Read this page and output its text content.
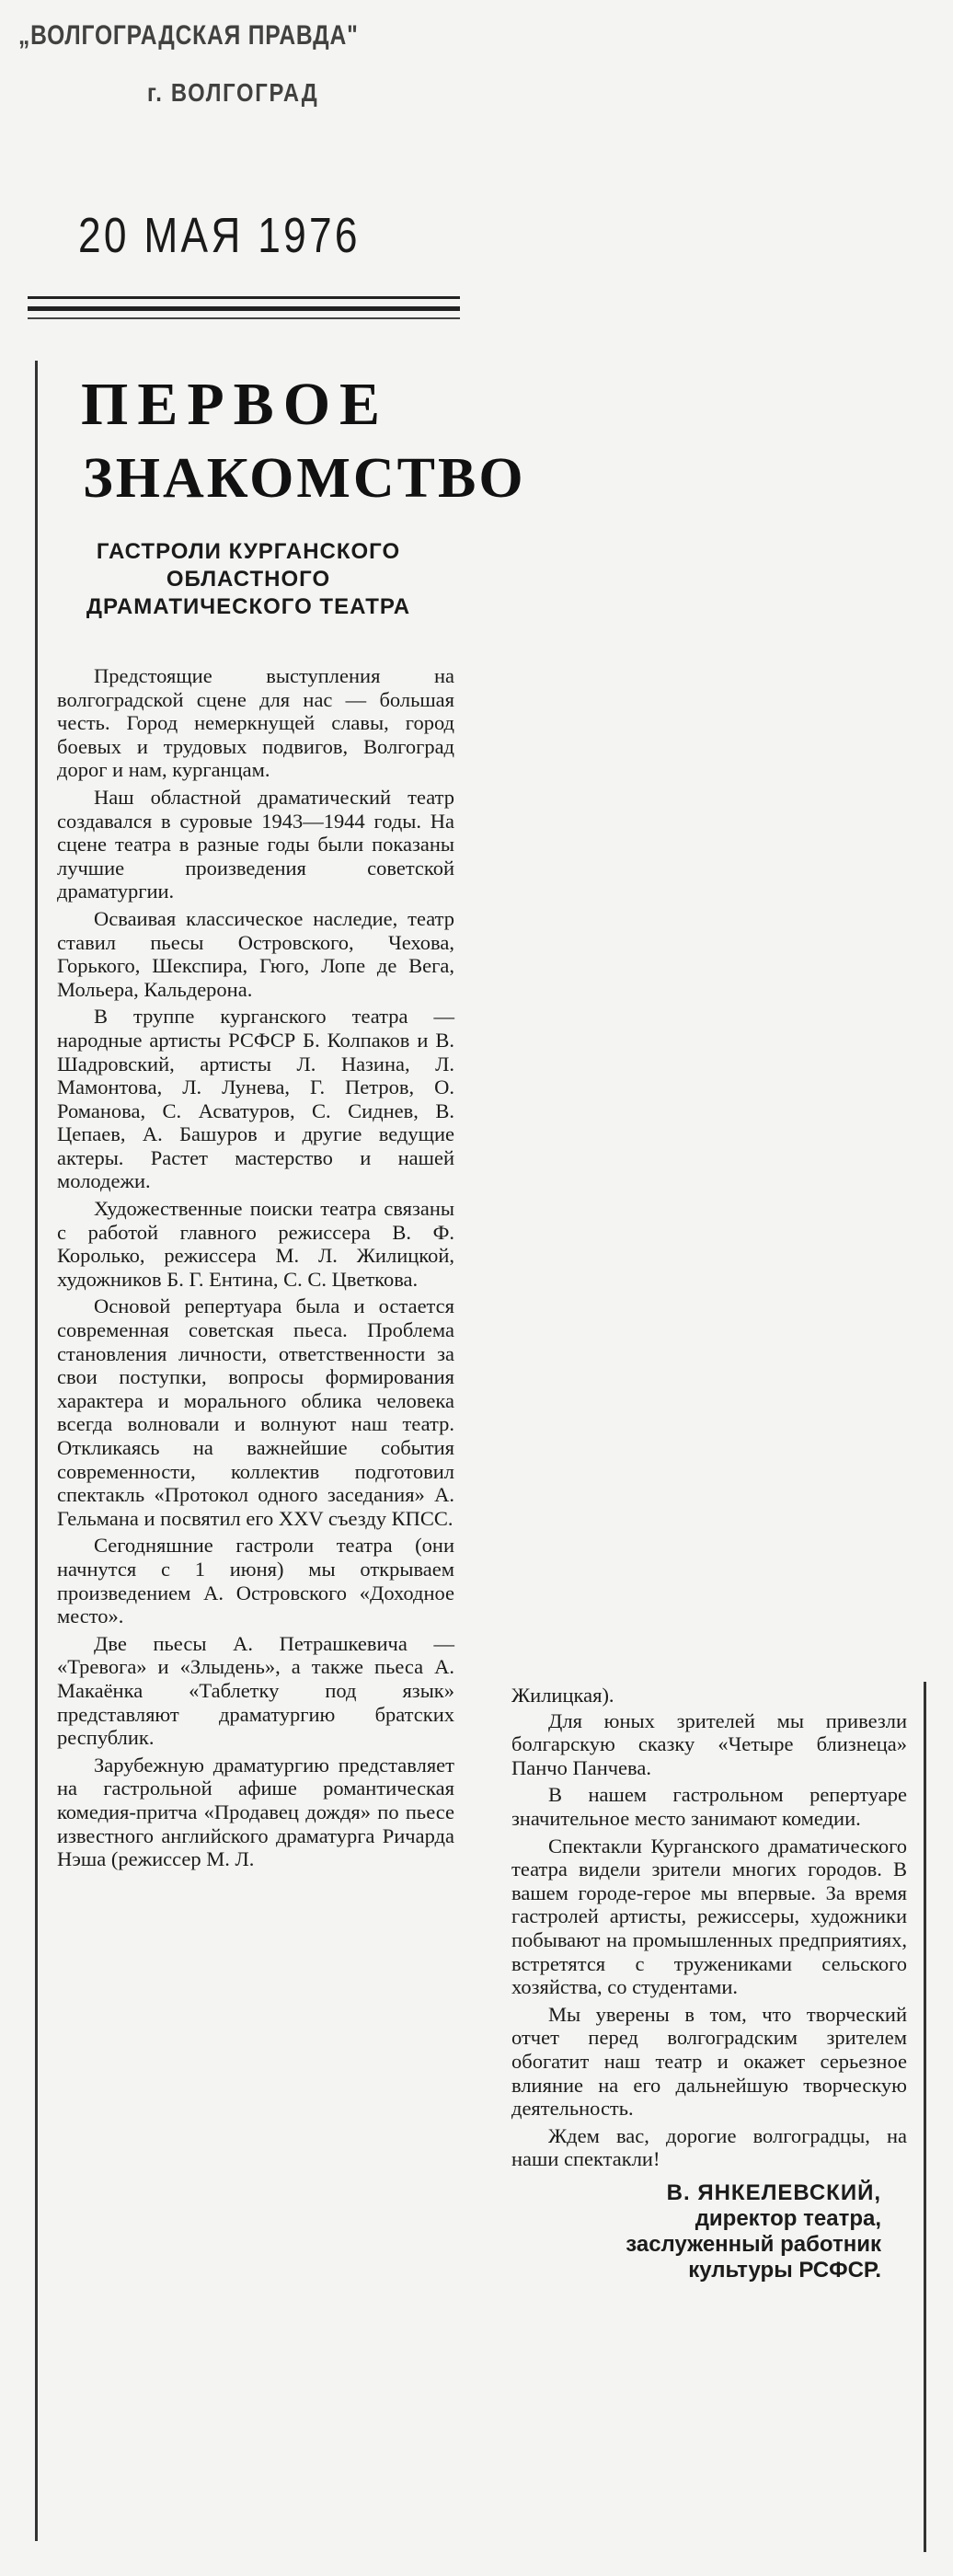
„ВОЛГОГРАДСКАЯ ПРАВДА"
г. ВОЛГОГРАД
20 МАЯ 1976
ПЕРВОЕ
ЗНАКОМСТВО
ГАСТРОЛИ КУРГАНСКОГО ОБЛАСТНОГО ДРАМАТИЧЕСКОГО ТЕАТРА

Предстоящие выступления на волгоградской сцене для нас — большая честь. Город немеркнущей славы, город боевых и трудовых подвигов, Волгоград дорог и нам, курганцам.

Наш областной драматический театр создавался в суровые 1943—1944 годы. На сцене театра в разные годы были показаны лучшие произведения советской драматургии.

Осваивая классическое наследие, театр ставил пьесы Островского, Чехова, Горького, Шекспира, Гюго, Лопе де Вега, Мольера, Кальдерона.

В труппе курганского театра — народные артисты РСФСР Б. Колпаков и В. Шадровский, артисты Л. Назина, Л. Мамонтова, Л. Лунева, Г. Петров, О. Романова, С. Асватуров, С. Сиднев, В. Цепаев, А. Башуров и другие ведущие актеры. Растет мастерство и нашей молодежи.

Художественные поиски театра связаны с работой главного режиссера В. Ф. Королько, режиссера М. Л. Жилицкой, художников Б. Г. Ентина, С. С. Цветкова.

Основой репертуара была и остается современная советская пьеса. Проблема становления личности, ответственности за свои поступки, вопросы формирования характера и морального облика человека всегда волновали и волнуют наш театр. Откликаясь на важнейшие события современности, коллектив подготовил спектакль «Протокол одного заседания» А. Гельмана и посвятил его XXV съезду КПСС.

Сегодняшние гастроли театра (они начнутся с 1 июня) мы открываем произведением А. Островского «Доходное место».

Две пьесы А. Петрашкевича — «Тревога» и «Злыдень», а также пьеса А. Макаёнка «Таблетку под язык» представляют драматургию братских республик.

Зарубежную драматургию представляет на гастрольной афише романтическая комедия-притча «Продавец дождя» по пьесе известного английского драматурга Ричарда Нэша (режиссер М. Л.

Жилицкая).

Для юных зрителей мы привезли болгарскую сказку «Четыре близнеца» Панчо Панчева.

В нашем гастрольном репертуаре значительное место занимают комедии.

Спектакли Курганского драматического театра видели зрители многих городов. В вашем городе-герое мы впервые. За время гастролей артисты, режиссеры, художники побывают на промышленных предприятиях, встретятся с тружениками сельского хозяйства, со студентами.

Мы уверены в том, что творческий отчет перед волгоградским зрителем обогатит наш театр и окажет серьезное влияние на его дальнейшую творческую деятельность.

Ждем вас, дорогие волгоградцы, на наши спектакли!

В. ЯНКЕЛЕВСКИЙ,
директор театра,
заслуженный работник
культуры РСФСР.
